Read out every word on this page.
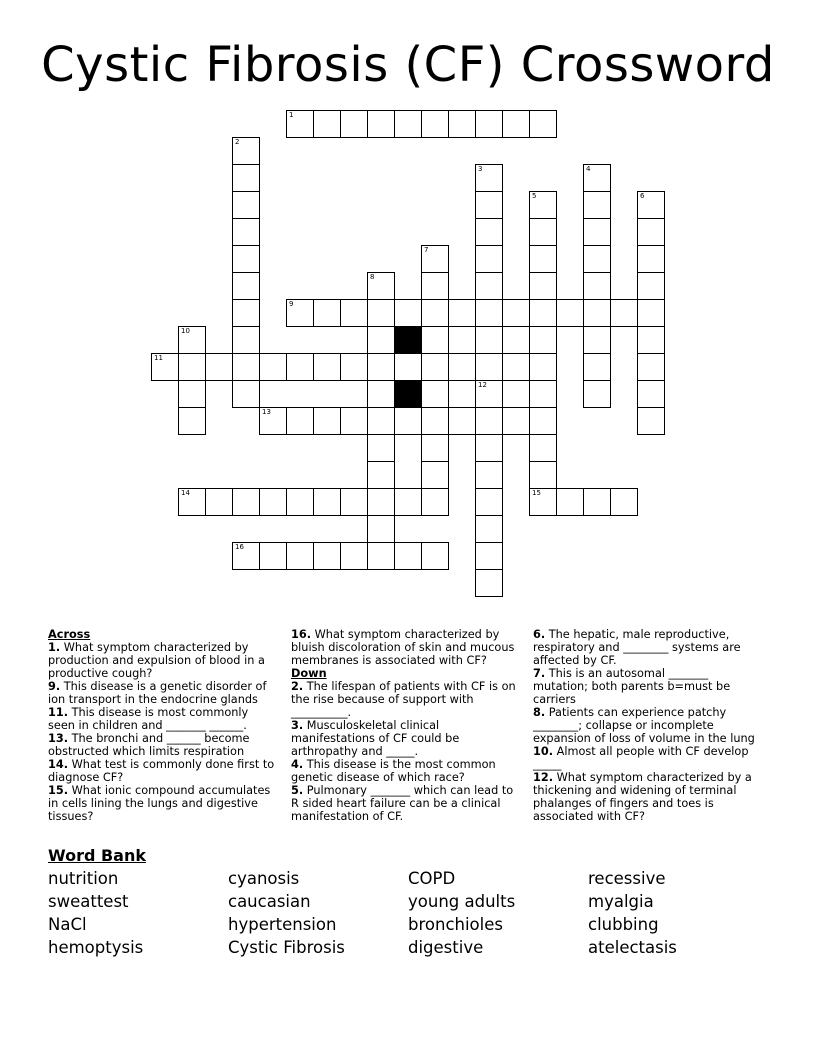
Cystic Fibrosis (CF) Crossword
1
9
11
13
14	15
16
2
3	4
5	6
7
8
10
12

Across

1. What symptom characterized by production and expulsion of blood in a productive cough?

9. This disease is a genetic disorder of ion transport in the endocrine glands

11. This disease is most commonly seen in children and _______ ______.

13. The bronchi and ______ become obstructed which limits respiration

14. What test is commonly done first to diagnose CF?

15. What ionic compound accumulates in cells lining the lungs and digestive tissues?

16. What symptom characterized by bluish discoloration of skin and mucous membranes is associated with CF?

Down

2. The lifespan of patients with CF is on the rise because of support with __________.

3. Musculoskeletal clinical manifestations of CF could be arthropathy and _____.

4. This disease is the most common genetic disease of which race?

5. Pulmonary _______ which can lead to R sided heart failure can be a clinical manifestation of CF.

6. The hepatic, male reproductive, respiratory and ________ systems are affected by CF.

7. This is an autosomal _______ mutation; both parents b=must be carriers

8. Patients can experience patchy ________; collapse or incomplete expansion of loss of volume in the lung

10. Almost all people with CF develop _____

12. What symptom characterized by a thickening and widening of terminal phalanges of fingers and toes is associated with CF?

Word Bank

nutrition
sweattest
NaCl
hemoptysis
cyanosis
caucasian
hypertension
Cystic Fibrosis
COPD
young adults
bronchioles
digestive
recessive
myalgia
clubbing
atelectasis
